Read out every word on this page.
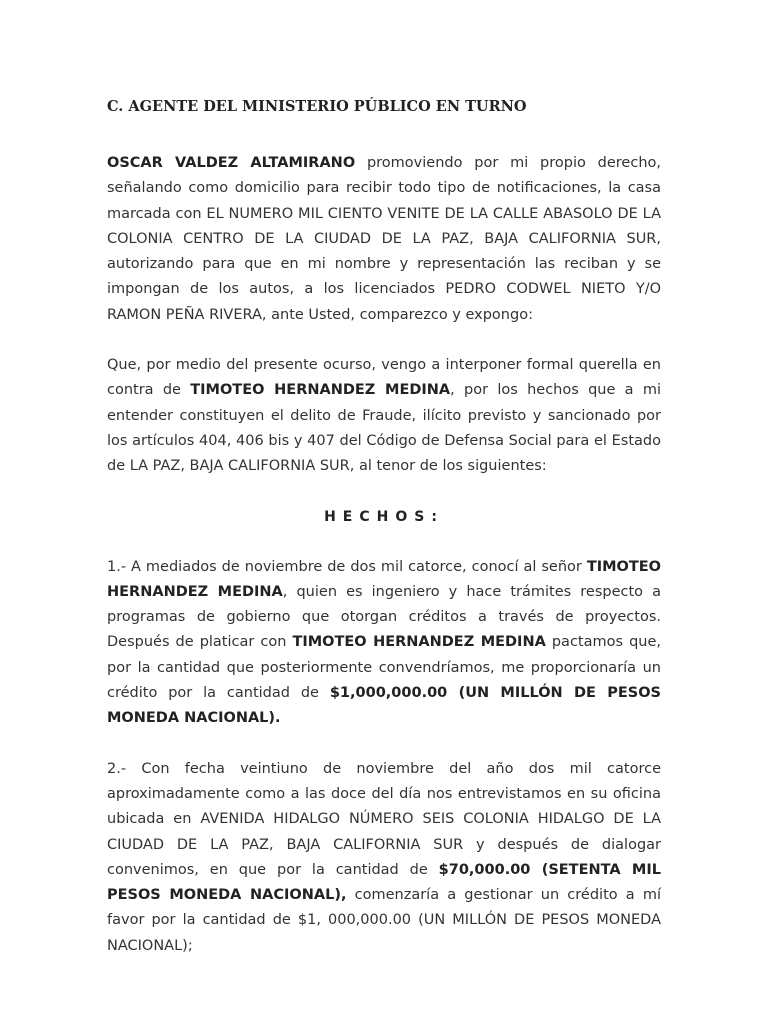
C. AGENTE DEL MINISTERIO PÚBLICO EN TURNO

OSCAR VALDEZ ALTAMIRANO promoviendo por mi propio derecho, señalando como domicilio para recibir todo tipo de notificaciones, la casa marcada con EL NUMERO MIL CIENTO VENITE DE LA CALLE ABASOLO DE LA COLONIA CENTRO DE LA CIUDAD DE LA PAZ, BAJA CALIFORNIA SUR, autorizando para que en mi nombre y representación las reciban y se impongan de los autos, a los licenciados PEDRO CODWEL NIETO Y/O RAMON PEÑA RIVERA, ante Usted, comparezco y expongo:

Que, por medio del presente ocurso, vengo a interponer formal querella en contra de TIMOTEO HERNANDEZ MEDINA, por los hechos que a mi entender constituyen el delito de Fraude, ilícito previsto y sancionado por los artículos 404, 406 bis y 407 del Código de Defensa Social para el Estado de LA PAZ, BAJA CALIFORNIA SUR, al tenor de los siguientes:

HECHOS:

1.- A mediados de noviembre de dos mil catorce, conocí al señor TIMOTEO HERNANDEZ MEDINA, quien es ingeniero y hace trámites respecto a programas de gobierno que otorgan créditos a través de proyectos. Después de platicar con TIMOTEO HERNANDEZ MEDINA pactamos que, por la cantidad que posteriormente convendríamos, me proporcionaría un crédito por la cantidad de $1,000,000.00 (UN MILLÓN DE PESOS MONEDA NACIONAL).

2.- Con fecha veintiuno de noviembre del año dos mil catorce aproximadamente como a las doce del día nos entrevistamos en su oficina ubicada en AVENIDA HIDALGO NÚMERO SEIS COLONIA HIDALGO DE LA CIUDAD DE LA PAZ, BAJA CALIFORNIA SUR y después de dialogar convenimos, en que por la cantidad de $70,000.00 (SETENTA MIL PESOS MONEDA NACIONAL), comenzaría a gestionar un crédito a mí favor por la cantidad de $1, 000,000.00 (UN MILLÓN DE PESOS MONEDA NACIONAL);
